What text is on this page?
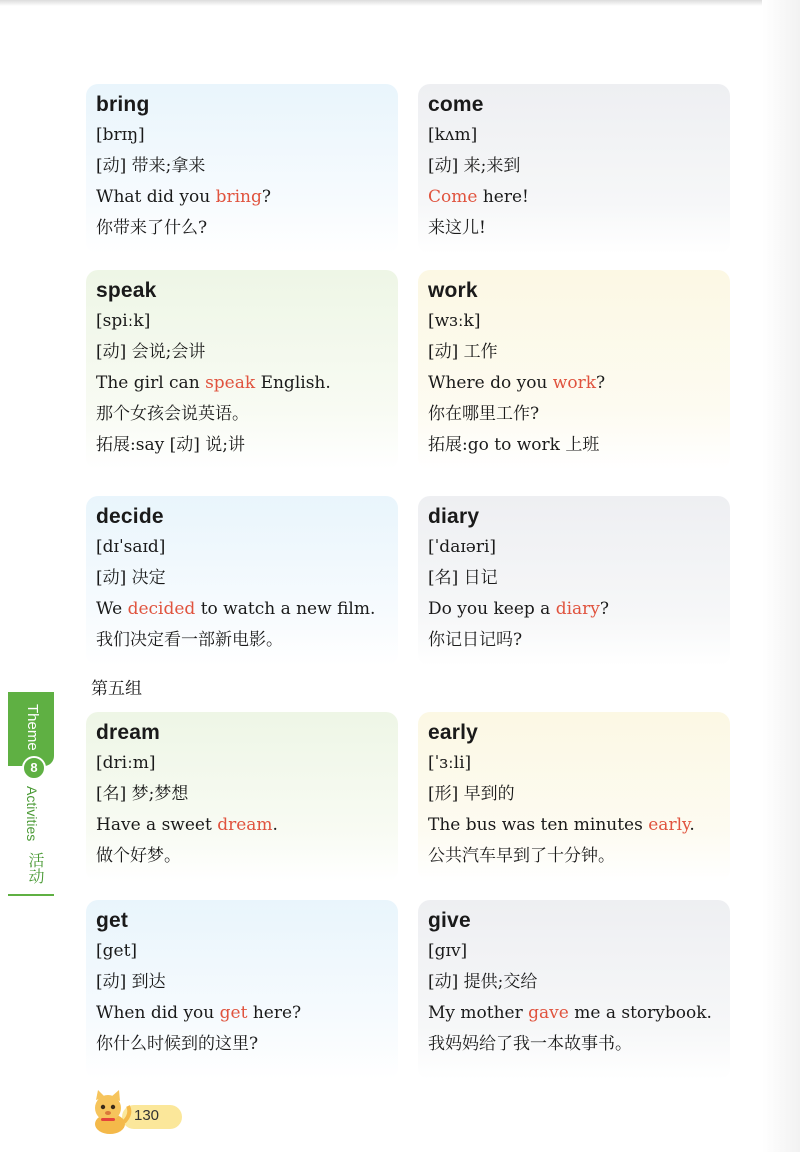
bring
[brɪŋ]
[动] 带来;拿来
What did you bring?
你带来了什么?
come
[kʌm]
[动] 来;来到
Come here!
来这儿!
speak
[spiːk]
[动] 会说;会讲
The girl can speak English.
那个女孩会说英语。
拓展:say [动] 说;讲
work
[wɜːk]
[动] 工作
Where do you work?
你在哪里工作?
拓展:go to work 上班
decide
[dɪˈsaɪd]
[动] 决定
We decided to watch a new film.
我们决定看一部新电影。
diary
[ˈdaɪəri]
[名] 日记
Do you keep a diary?
你记日记吗?
第五组
dream
[driːm]
[名] 梦;梦想
Have a sweet dream.
做个好梦。
early
[ˈɜːli]
[形] 早到的
The bus was ten minutes early.
公共汽车早到了十分钟。
get
[get]
[动] 到达
When did you get here?
你什么时候到的这里?
give
[gɪv]
[动] 提供;交给
My mother gave me a storybook.
我妈妈给了我一本故事书。
Theme
8
Activities
活动
130
